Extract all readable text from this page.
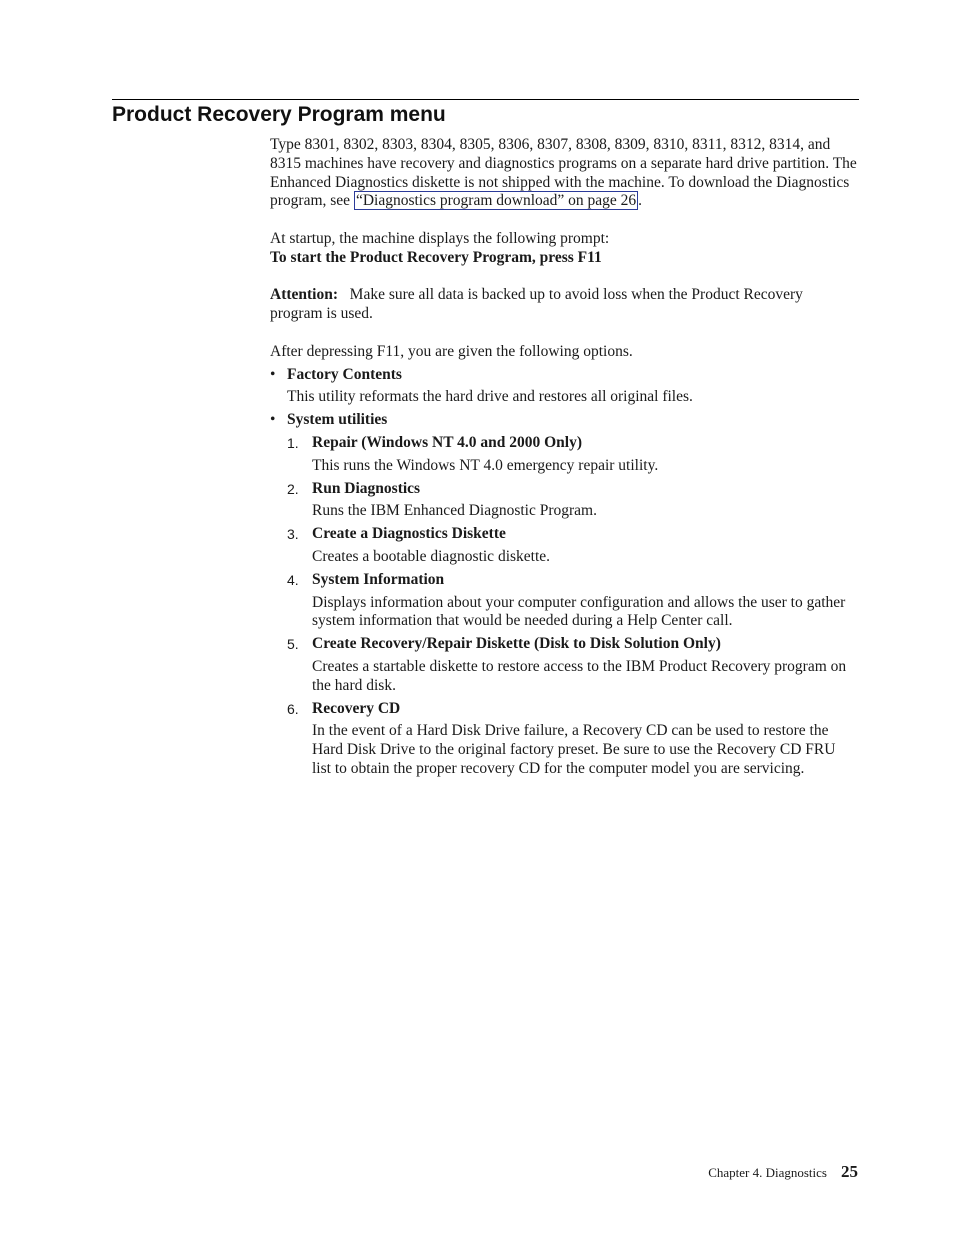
Product Recovery Program menu

Type 8301, 8302, 8303, 8304, 8305, 8306, 8307, 8308, 8309, 8310, 8311, 8312, 8314, and 8315 machines have recovery and diagnostics programs on a separate hard drive partition. The Enhanced Diagnostics diskette is not shipped with the machine. To download the Diagnostics program, see “Diagnostics program download” on page 26 .

At startup, the machine displays the following prompt:

To start the Product Recovery Program, press F11

Attention: Make sure all data is backed up to avoid loss when the Product Recovery program is used.

After depressing F11, you are given the following options.

• Factory Contents
This utility reformats the hard drive and restores all original files.
• System utilities
1. Repair (Windows NT 4.0 and 2000 Only)
This runs the Windows NT 4.0 emergency repair utility.
2. Run Diagnostics
Runs the IBM Enhanced Diagnostic Program.
3. Create a Diagnostics Diskette
Creates a bootable diagnostic diskette.
4. System Information
Displays information about your computer configuration and allows the user to gather system information that would be needed during a Help Center call.
5. Create Recovery/Repair Diskette (Disk to Disk Solution Only)
Creates a startable diskette to restore access to the IBM Product Recovery program on the hard disk.
6. Recovery CD
In the event of a Hard Disk Drive failure, a Recovery CD can be used to restore the Hard Disk Drive to the original factory preset. Be sure to use the Recovery CD FRU list to obtain the proper recovery CD for the computer model you are servicing.
Chapter 4. Diagnostics 25
